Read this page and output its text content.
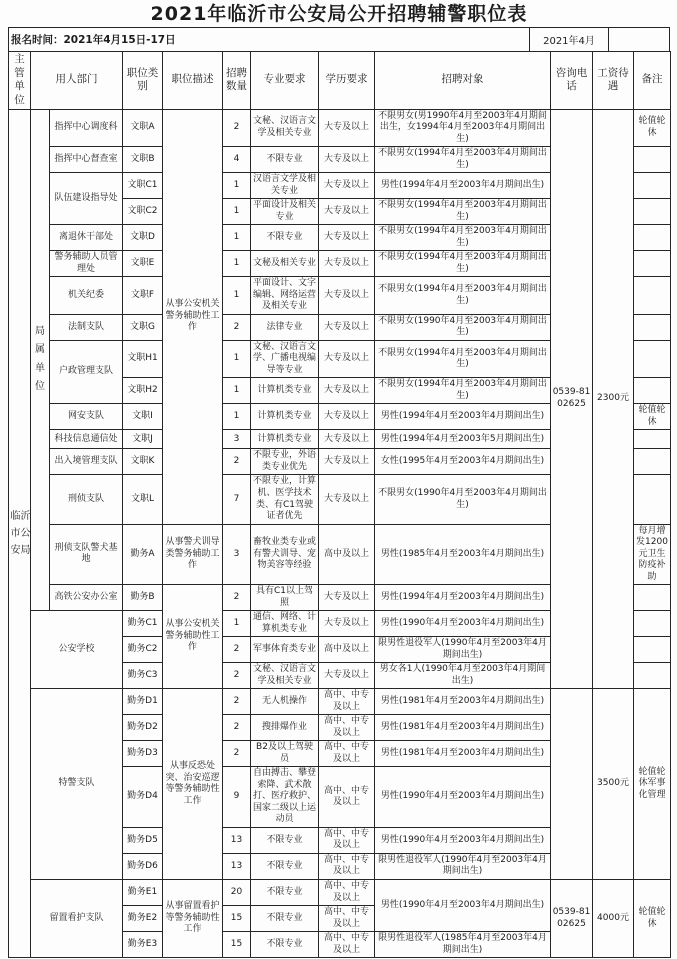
2021年临沂市公安局公开招聘辅警职位表
报名时间：2021年4月15日-17日	2021年4月
主管单位	用人部门		职位类别	职位描述	招聘数量	专业要求	学历要求	招聘对象	咨询电话	工资待遇	备注
临沂市公安局	局属单位	指挥中心调度科	文职A	从事公安机关警务辅助性工作	2	文秘、汉语言文学及相关专业	大专及以上	不限男女(男1990年4月至2003年4月期间出生，女1994年4月至2003年4月期间出生)	0539-8102625	2300元	轮值轮休
		指挥中心督查室	文职B		4	不限专业	大专及以上	不限男女(1994年4月至2003年4月期间出生)			
		队伍建设指导处	文职C1		1	汉语言文学及相关专业	大专及以上	男性(1994年4月至2003年4月期间出生)			
			文职C2		1	平面设计及相关专业	大专及以上	不限男女(1994年4月至2003年4月期间出生)			
		离退休干部处	文职D		1	不限专业	大专及以上	不限男女(1994年4月至2003年4月期间出生)			
		警务辅助人员管理处	文职E		1	文秘及相关专业	大专及以上	不限男女(1994年4月至2003年4月期间出生)			
		机关纪委	文职F		1	平面设计、文字编辑、网络运营及相关专业	大专及以上	不限男女(1994年4月至2003年4月期间出生)			
		法制支队	文职G		2	法律专业	大专及以上	不限男女(1990年4月至2003年4月期间出生)			
		户政管理支队	文职H1		1	文秘、汉语言文学、广播电视编导等专业	大专及以上	不限男女(1994年4月至2003年4月期间出生)			
			文职H2		1	计算机类专业	大专及以上	不限男女(1994年4月至2003年4月期间出生)			
		网安支队	文职I		1	计算机类专业	大专及以上	男性(1994年4月至2003年4月期间出生)			轮值轮休
		科技信息通信处	文职J		3	计算机类专业	大专及以上	男性(1994年4月至2003年5月期间出生)			
		出入境管理支队	文职K		2	不限专业，外语类专业优先	大专及以上	女性(1995年4月至2003年4月期间出生)			
		刑侦支队	文职L		7	不限专业，计算机、医学技术类、有C1驾驶证者优先	大专及以上	不限男女(1990年4月至2003年4月期间出生)			
		刑侦支队警犬基地	勤务A	从事警犬训导类警务辅助工作	3	畜牧业类专业或有警犬训导、宠物美容等经验	高中及以上	男性(1985年4月至2003年4月期间出生)			每月增发1200元卫生防疫补助
		高铁公安办公室	勤务B	从事公安机关警务辅助性工作	2	具有C1以上驾照	大专及以上	男性(1994年4月至2003年4月期间出生)			
	公安学校		勤务C1		1	通信、网络、计算机类专业	大专及以上	男性(1990年4月至2003年4月期间出生)			
			勤务C2		2	军事体育类专业	高中及以上	限男性退役军人(1990年4月至2003年4月期间出生)			
			勤务C3		2	文秘、汉语言文学及相关专业	大专及以上	男女各1人(1990年4月至2003年4月期间出生)			
	特警支队		勤务D1	从事反恐处突、治安巡逻等警务辅助性工作	2	无人机操作	高中、中专及以上	男性(1981年4月至2003年4月期间出生)		3500元	轮值轮休军事化管理
			勤务D2		2	搜排爆作业	高中、中专及以上	男性(1981年4月至2003年4月期间出生)			
			勤务D3		2	B2及以上驾驶员	高中、中专及以上	男性(1981年4月至2003年4月期间出生)			
			勤务D4		9	自由搏击、攀登索降、武术散打、医疗救护、国家二级以上运动员	高中、中专及以上	男性(1990年4月至2003年4月期间出生)			
			勤务D5		13	不限专业	高中、中专及以上	男性(1990年4月至2003年4月期间出生)			
			勤务D6		13	不限专业	高中、中专及以上	限男性退役军人(1990年4月至2003年4月期间出生)			
	留置看护支队		勤务E1	从事留置看护等警务辅助性工作	20	不限专业	高中、中专及以上	男性(1990年4月至2003年4月期间出生)	0539-8102625	4000元	轮值轮休
			勤务E2		15	不限专业	高中、中专及以上				
			勤务E3		15	不限专业	高中、中专及以上	限男性退役军人(1985年4月至2003年4月期间出生)			
